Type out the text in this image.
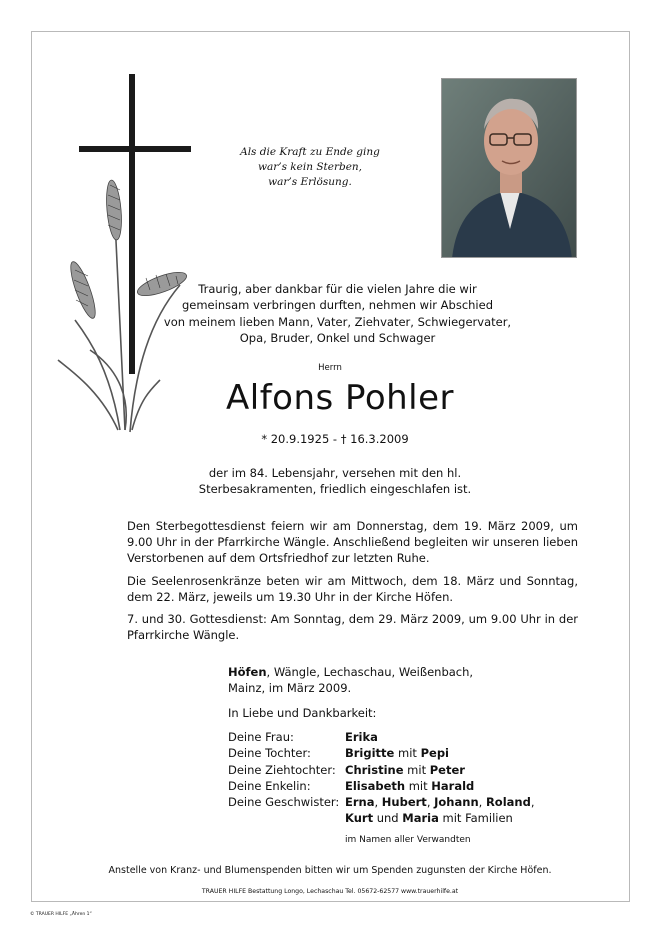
Als die Kraft zu Ende ging
war’s kein Sterben,
war’s Erlösung.
Traurig, aber dankbar für die vielen Jahre die wir
gemeinsam verbringen durften, nehmen wir Abschied
von meinem lieben Mann, Vater, Ziehvater, Schwiegervater,
Opa, Bruder, Onkel und Schwager
Herrn
Alfons Pohler
* 20.9.1925 - † 16.3.2009
der im 84. Lebensjahr, versehen mit den hl.
Sterbesakramenten, friedlich eingeschlafen ist.
Den Sterbegottesdienst feiern wir am Donnerstag, dem 19. März 2009, um 9.00 Uhr in der Pfarrkirche Wängle. Anschließend begleiten wir unseren lieben Verstorbenen auf dem Ortsfriedhof zur letzten Ruhe.
Die Seelenrosenkränze beten wir am Mittwoch, dem 18. März und Sonntag, dem 22. März, jeweils um 19.30 Uhr in der Kirche Höfen.
7. und 30. Gottesdienst: Am Sonntag, dem 29. März 2009, um 9.00 Uhr in der Pfarrkirche Wängle.
Höfen, Wängle, Lechaschau, Weißenbach,
Mainz, im März 2009.
In Liebe und Dankbarkeit:
Deine Frau:	Erika
Deine Tochter:	Brigitte mit Pepi
Deine Ziehtochter: Christine mit Peter
Deine Enkelin:	Elisabeth mit Harald
Deine Geschwister: Erna, Hubert, Johann, Roland,
Kurt und Maria mit Familien
im Namen aller Verwandten
Anstelle von Kranz- und Blumenspenden bitten wir um Spenden zugunsten der Kirche Höfen.
TRAUER HILFE Bestattung Longo, Lechaschau Tel. 05672-62577 www.trauerhilfe.at
© TRAUER HILFE „Ähren 1“
